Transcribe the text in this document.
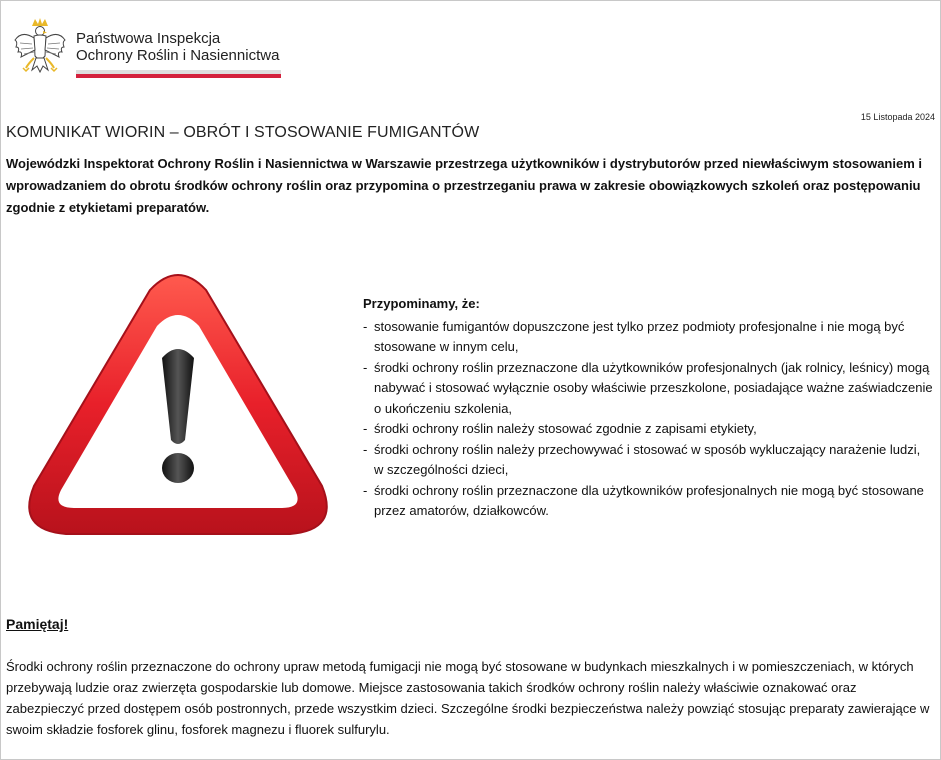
Państwowa Inspekcja
Ochrony Roślin i Nasiennictwa
15 Listopada 2024
KOMUNIKAT WIORIN – OBRÓT I STOSOWANIE FUMIGANTÓW
Wojewódzki Inspektorat Ochrony Roślin i Nasiennictwa w Warszawie przestrzega użytkowników i dystrybutorów przed niewłaściwym stosowaniem i wprowadzaniem do obrotu środków ochrony roślin oraz przypomina o przestrzeganiu prawa w zakresie obowiązkowych szkoleń oraz postępowaniu zgodnie z etykietami preparatów.
Przypominamy, że:
- stosowanie fumigantów dopuszczone jest tylko przez podmioty profesjonalne i nie mogą być stosowane w innym celu,
- środki ochrony roślin przeznaczone dla użytkowników profesjonalnych (jak rolnicy, leśnicy) mogą nabywać i stosować wyłącznie osoby właściwie przeszkolone, posiadające ważne zaświadczenie o ukończeniu szkolenia,
- środki ochrony roślin należy stosować zgodnie z zapisami etykiety,
- środki ochrony roślin należy przechowywać i stosować w sposób wykluczający narażenie ludzi, w szczególności dzieci,
- środki ochrony roślin przeznaczone dla użytkowników profesjonalnych nie mogą być stosowane przez amatorów, działkowców.
Pamiętaj!
Środki ochrony roślin przeznaczone do ochrony upraw metodą fumigacji nie mogą być stosowane w budynkach mieszkalnych i w pomieszczeniach, w których przebywają ludzie oraz zwierzęta gospodarskie lub domowe. Miejsce zastosowania takich środków ochrony roślin należy właściwie oznakować oraz zabezpieczyć przed dostępem osób postronnych, przede wszystkim dzieci. Szczególne środki bezpieczeństwa należy powziąć stosując preparaty zawierające w swoim składzie fosforek glinu, fosforek magnezu i fluorek sulfurylu.
